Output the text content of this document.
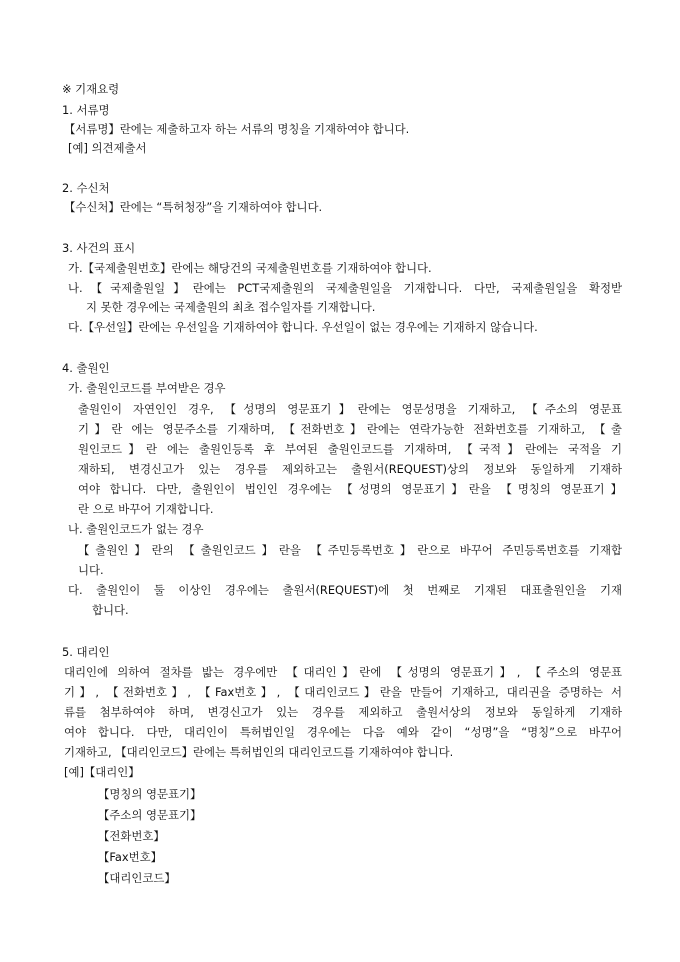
※ 기재요령
1. 서류명
【서류명】란에는 제출하고자 하는 서류의 명칭을 기재하여야 합니다.
[예] 의견제출서
2. 수신처
【수신처】란에는 “특허청장”을 기재하여야 합니다.
3. 사건의 표시
가.【국제출원번호】란에는 해당건의 국제출원번호를 기재하여야 합니다.
나.【국제출원일】란에는 PCT국제출원의 국제출원일을 기재합니다. 다만, 국제출원일을 확정받
지 못한 경우에는 국제출원의 최초 접수일자를 기재합니다.
다.【우선일】란에는 우선일을 기재하여야 합니다. 우선일이 없는 경우에는 기재하지 않습니다.
4. 출원인
가. 출원인코드를 부여받은 경우
출원인이 자연인인 경우, 【성명의 영문표기】란에는 영문성명을 기재하고, 【주소의 영문표
기】란 에는 영문주소를 기재하며, 【전화번호】란에는 연락가능한 전화번호를 기재하고, 【출
원인코드】란 에는 출원인등록 후 부여된 출원인코드를 기재하며, 【국적】란에는 국적을 기
재하되, 변경신고가 있는 경우를 제외하고는 출원서(REQUEST)상의 정보와 동일하게 기재하
여야 합니다. 다만, 출원인이 법인인 경우에는 【성명의 영문표기】란을 【명칭의 영문표기】
란 으로 바꾸어 기재합니다.
나. 출원인코드가 없는 경우
【출원인】란의 【출원인코드】란을 【주민등록번호】란으로 바꾸어 주민등록번호를 기재합
니다.
다. 출원인이 둘 이상인 경우에는 출원서(REQUEST)에 첫 번째로 기재된 대표출원인을 기재
합니다.
5. 대리인
대리인에 의하여 절차를 밟는 경우에만 【대리인】란에 【성명의 영문표기】, 【주소의 영문표
기】, 【전화번호】, 【Fax번호】, 【대리인코드】란을 만들어 기재하고, 대리권을 증명하는 서
류를 첨부하여야 하며, 변경신고가 있는 경우를 제외하고 출원서상의 정보와 동일하게 기재하
여야 합니다. 다만, 대리인이 특허법인일 경우에는 다음 예와 같이 “성명”을 “명칭”으로 바꾸어
기재하고, 【대리인코드】란에는 특허법인의 대리인코드를 기재하여야 합니다.
[예]【대리인】
【명칭의 영문표기】
【주소의 영문표기】
【전화번호】
【Fax번호】
【대리인코드】
